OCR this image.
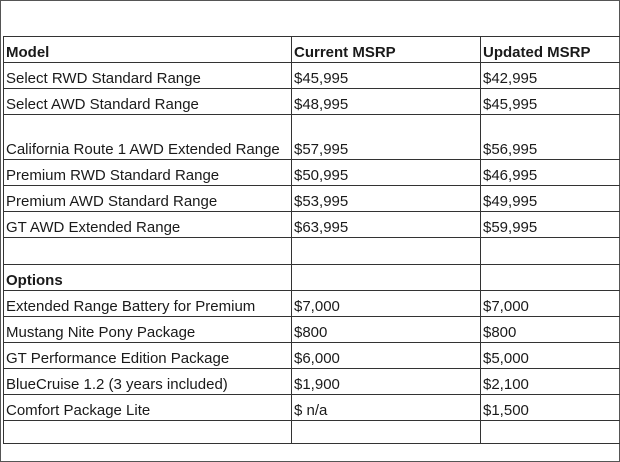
Model	Current MSRP	Updated MSRP
Select RWD Standard Range	$45,995	$42,995
Select AWD Standard Range	$48,995	$45,995
California Route 1 AWD Extended Range	$57,995	$56,995
Premium RWD Standard Range	$50,995	$46,995
Premium AWD Standard Range	$53,995	$49,995
GT AWD Extended Range	$63,995	$59,995

Options		
Extended Range Battery for Premium	$7,000	$7,000
Mustang Nite Pony Package	$800	$800
GT Performance Edition Package	$6,000	$5,000
BlueCruise 1.2 (3 years included)	$1,900	$2,100
Comfort Package Lite	$ n/a	$1,500
